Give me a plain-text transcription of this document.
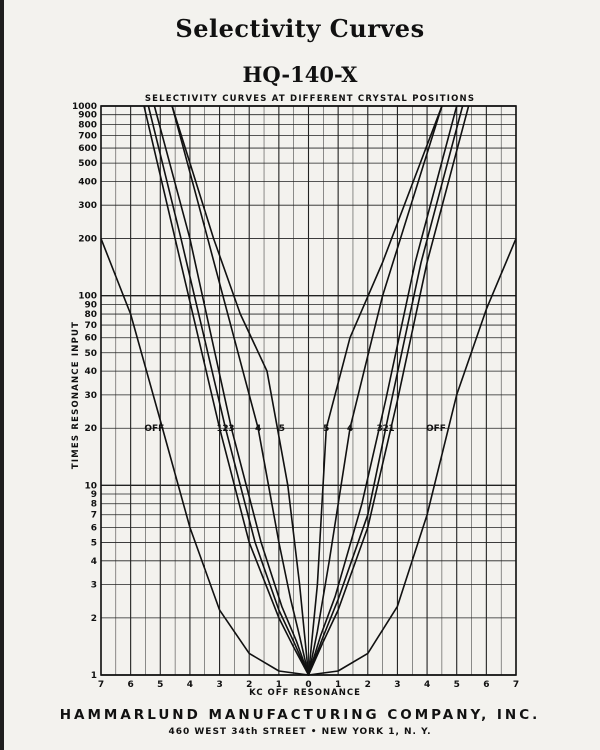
Selectivity Curves
HQ-140-X
SELECTIVITY CURVES AT DIFFERENT CRYSTAL POSITIONS
1
2
3
4
5
6
7
8
9
10
20
30
40
50
60
70
80
90
100
200
300
400
500
600
700
800
900
1000
7	6	5	4	3	2	1	0	1	2	3	4	5	6	7
OFF	OFF
1	1
2	2
3	3
4	4
5	5
TIMES RESONANCE INPUT
KC OFF RESONANCE
HAMMARLUND MANUFACTURING COMPANY, INC.
460 WEST 34th STREET • NEW YORK 1, N. Y.
